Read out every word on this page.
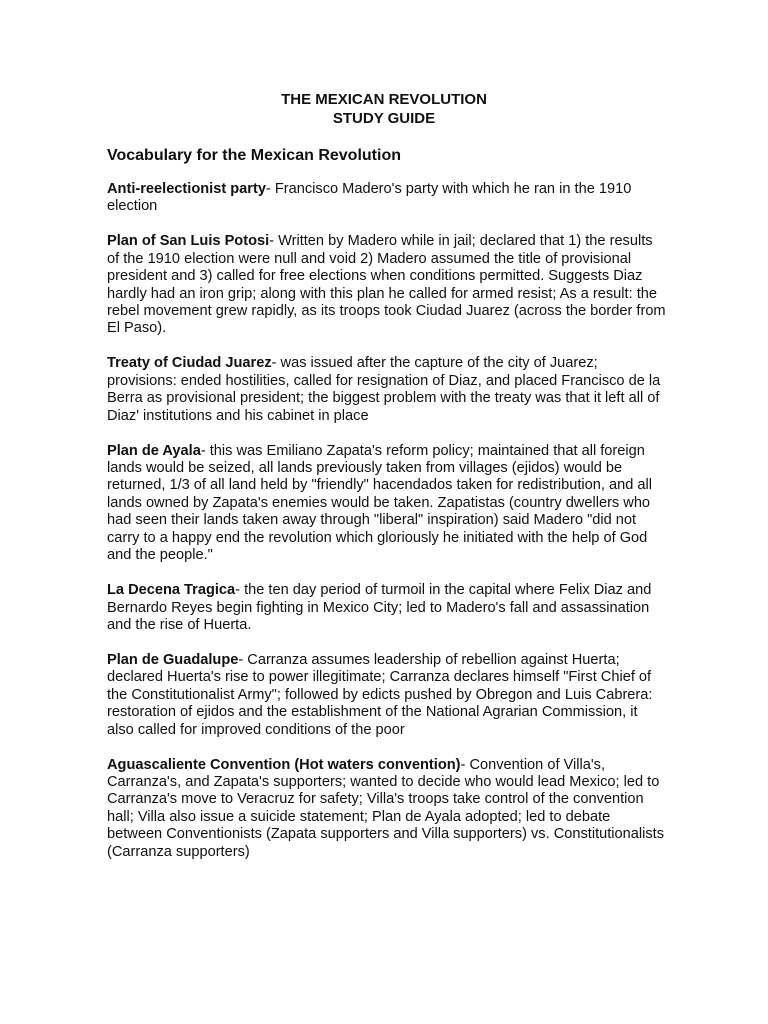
THE MEXICAN REVOLUTION
STUDY GUIDE
Vocabulary for the Mexican Revolution

Anti-reelectionist party- Francisco Madero's party with which he ran in the 1910 election

Plan of San Luis Potosi- Written by Madero while in jail; declared that 1) the results of the 1910 election were null and void 2) Madero assumed the title of provisional president and 3) called for free elections when conditions permitted. Suggests Diaz hardly had an iron grip; along with this plan he called for armed resist; As a result: the rebel movement grew rapidly, as its troops took Ciudad Juarez (across the border from El Paso).

Treaty of Ciudad Juarez- was issued after the capture of the city of Juarez; provisions: ended hostilities, called for resignation of Diaz, and placed Francisco de la Berra as provisional president; the biggest problem with the treaty was that it left all of Diaz' institutions and his cabinet in place

Plan de Ayala- this was Emiliano Zapata's reform policy; maintained that all foreign lands would be seized, all lands previously taken from villages (ejidos) would be returned, 1/3 of all land held by "friendly" hacendados taken for redistribution, and all lands owned by Zapata's enemies would be taken. Zapatistas (country dwellers who had seen their lands taken away through "liberal" inspiration) said Madero "did not carry to a happy end the revolution which gloriously he initiated with the help of God and the people."

La Decena Tragica- the ten day period of turmoil in the capital where Felix Diaz and Bernardo Reyes begin fighting in Mexico City; led to Madero's fall and assassination and the rise of Huerta.

Plan de Guadalupe- Carranza assumes leadership of rebellion against Huerta; declared Huerta's rise to power illegitimate; Carranza declares himself "First Chief of the Constitutionalist Army"; followed by edicts pushed by Obregon and Luis Cabrera: restoration of ejidos and the establishment of the National Agrarian Commission, it also called for improved conditions of the poor

Aguascaliente Convention (Hot waters convention)- Convention of Villa's, Carranza's, and Zapata's supporters; wanted to decide who would lead Mexico; led to Carranza's move to Veracruz for safety; Villa's troops take control of the convention hall; Villa also issue a suicide statement; Plan de Ayala adopted; led to debate between Conventionists (Zapata supporters and Villa supporters) vs. Constitutionalists (Carranza supporters)
